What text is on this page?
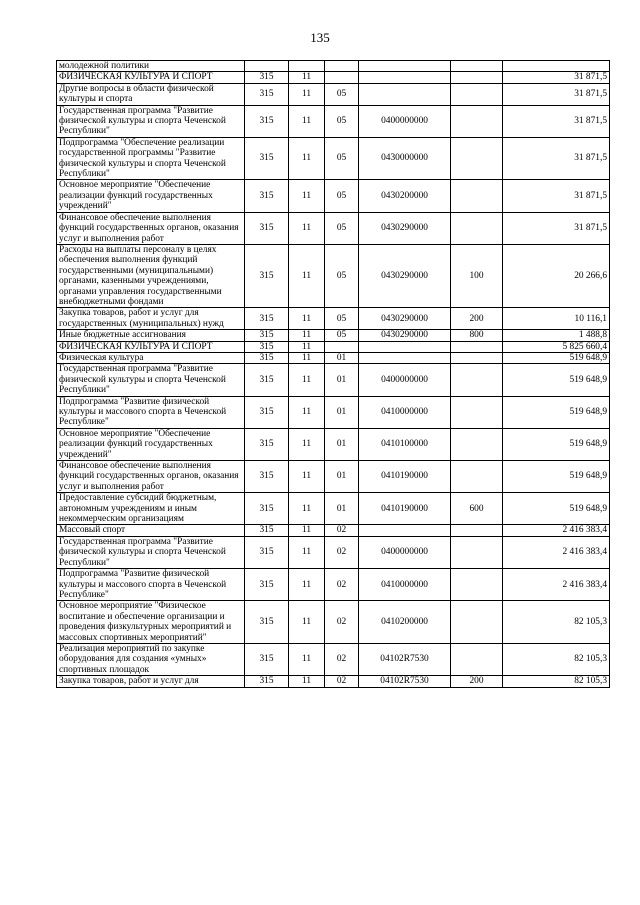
135
молодежной политики						
ФИЗИЧЕСКАЯ КУЛЬТУРА И СПОРТ	315	11				31 871,5
Другие вопросы в области физической культуры и спорта	315	11	05			31 871,5
Государственная программа "Развитие физической культуры и спорта Чеченской Республики"	315	11	05	0400000000		31 871,5
Подпрограмма "Обеспечение реализации государственной программы "Развитие физической культуры и спорта Чеченской Республики"	315	11	05	0430000000		31 871,5
Основное мероприятие "Обеспечение реализации функций государственных учреждений"	315	11	05	0430200000		31 871,5
Финансовое обеспечение выполнения функций государственных органов, оказания услуг и выполнения работ	315	11	05	0430290000		31 871,5
Расходы на выплаты персоналу в целях обеспечения выполнения функций государственными (муниципальными) органами, казенными учреждениями, органами управления государственными внебюджетными фондами	315	11	05	0430290000	100	20 266,6
Закупка товаров, работ и услуг для государственных (муниципальных) нужд	315	11	05	0430290000	200	10 116,1
Иные бюджетные ассигнования	315	11	05	0430290000	800	1 488,8
ФИЗИЧЕСКАЯ КУЛЬТУРА И СПОРТ	315	11				5 825 660,4
Физическая культура	315	11	01			519 648,9
Государственная программа "Развитие физической культуры и спорта Чеченской Республики"	315	11	01	0400000000		519 648,9
Подпрограмма "Развитие физической культуры и массового спорта в Чеченской Республике"	315	11	01	0410000000		519 648,9
Основное мероприятие "Обеспечение реализации функций государственных учреждений"	315	11	01	0410100000		519 648,9
Финансовое обеспечение выполнения функций государственных органов, оказания услуг и выполнения работ	315	11	01	0410190000		519 648,9
Предоставление субсидий бюджетным, автономным учреждениям и иным некоммерческим организациям	315	11	01	0410190000	600	519 648,9
Массовый спорт	315	11	02			2 416 383,4
Государственная программа "Развитие физической культуры и спорта Чеченской Республики"	315	11	02	0400000000		2 416 383,4
Подпрограмма "Развитие физической культуры и массового спорта в Чеченской Республике"	315	11	02	0410000000		2 416 383,4
Основное мероприятие "Физическое воспитание и обеспечение организации и проведения физкультурных мероприятий и массовых спортивных мероприятий"	315	11	02	0410200000		82 105,3
Реализация мероприятий по закупке оборудования для создания «умных» спортивных площадок	315	11	02	04102R7530		82 105,3
Закупка товаров, работ и услуг для	315	11	02	04102R7530	200	82 105,3
